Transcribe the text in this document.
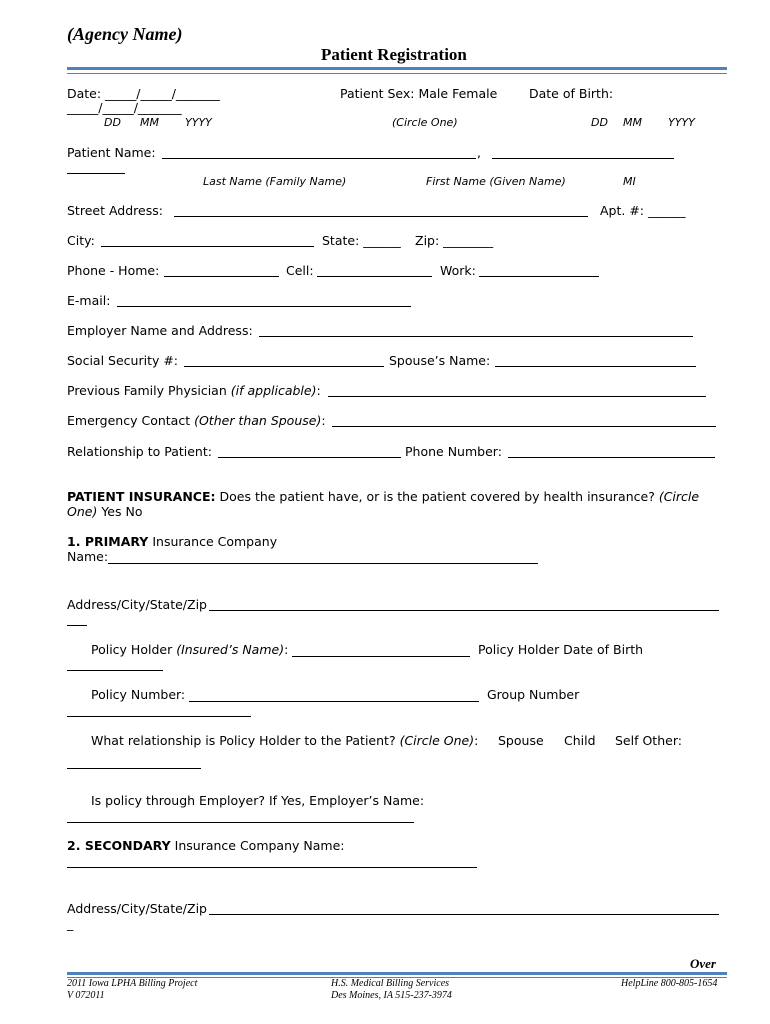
(Agency Name)
Patient Registration
Date: _____/_____/_______
_____/_____/_______
Patient Sex: Male Female	Date of Birth:
DD MM YYYY	(Circle One)	DD MM YYYY
Patient Name:	,
Last Name (Family Name)	First Name (Given Name)	MI
Street Address:	Apt. #: ______
City:	State: ______ Zip: ________
Phone - Home:	Cell:	Work:
E-mail:
Employer Name and Address:
Social Security #:	Spouse’s Name:
Previous Family Physician (if applicable):
Emergency Contact (Other than Spouse):
Relationship to Patient:	Phone Number:
PATIENT INSURANCE: Does the patient have, or is the patient covered by health insurance? (Circle
One) Yes No
1. PRIMARY Insurance Company
Name:
Address/City/State/Zip
Policy Holder (Insured’s Name):	Policy Holder Date of Birth
Policy Number:	Group Number
What relationship is Policy Holder to the Patient? (Circle One): Spouse Child Self Other:
Is policy through Employer? If Yes, Employer’s Name:
2. SECONDARY Insurance Company Name:
Address/City/State/Zip
_
Over
2011 Iowa LPHA Billing Project
V 072011
H.S. Medical Billing Services
Des Moines, IA 515-237-3974
HelpLine 800-805-1654
